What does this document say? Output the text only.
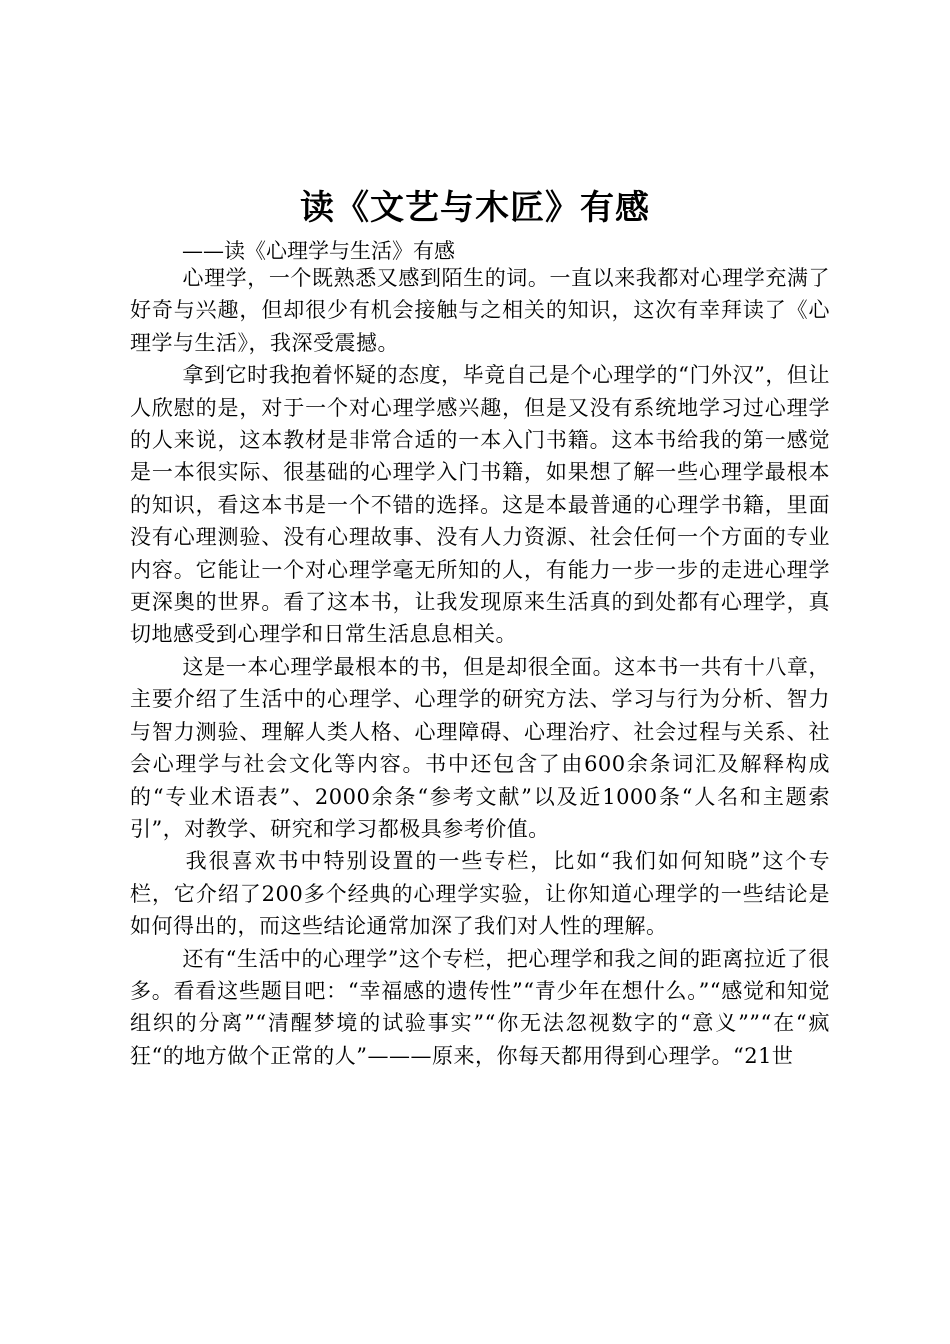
读《文艺与木匠》有感
——读《心理学与生活》有感

心理学，一个既熟悉又感到陌生的词。一直以来我都对心理学充满了好奇与兴趣，但却很少有机会接触与之相关的知识，这次有幸拜读了《心理学与生活》，我深受震撼。

拿到它时我抱着怀疑的态度，毕竟自己是个心理学的“门外汉”，但让人欣慰的是，对于一个对心理学感兴趣，但是又没有系统地学习过心理学的人来说，这本教材是非常合适的一本入门书籍。这本书给我的第一感觉是一本很实际、很基础的心理学入门书籍，如果想了解一些心理学最根本的知识，看这本书是一个不错的选择。这是本最普通的心理学书籍，里面没有心理测验、没有心理故事、没有人力资源、社会任何一个方面的专业内容。它能让一个对心理学毫无所知的人，有能力一步一步的走进心理学更深奥的世界。看了这本书，让我发现原来生活真的到处都有心理学，真切地感受到心理学和日常生活息息相关。

这是一本心理学最根本的书，但是却很全面。这本书一共有十八章，主要介绍了生活中的心理学、心理学的研究方法、学习与行为分析、智力与智力测验、理解人类人格、心理障碍、心理治疗、社会过程与关系、社会心理学与社会文化等内容。书中还包含了由600余条词汇及解释构成的“专业术语表”、2000余条“参考文献”以及近1000条“人名和主题索引”，对教学、研究和学习都极具参考价值。

我很喜欢书中特别设置的一些专栏，比如“我们如何知晓”这个专栏，它介绍了200多个经典的心理学实验，让你知道心理学的一些结论是如何得出的，而这些结论通常加深了我们对人性的理解。

还有“生活中的心理学”这个专栏，把心理学和我之间的距离拉近了很多。看看这些题目吧：“幸福感的遗传性”“青少年在想什么。”“感觉和知觉组织的分离”“清醒梦境的试验事实”“你无法忽视数字的“意义””“在“疯狂“的地方做个正常的人”———原来，你每天都用得到心理学。“21世
